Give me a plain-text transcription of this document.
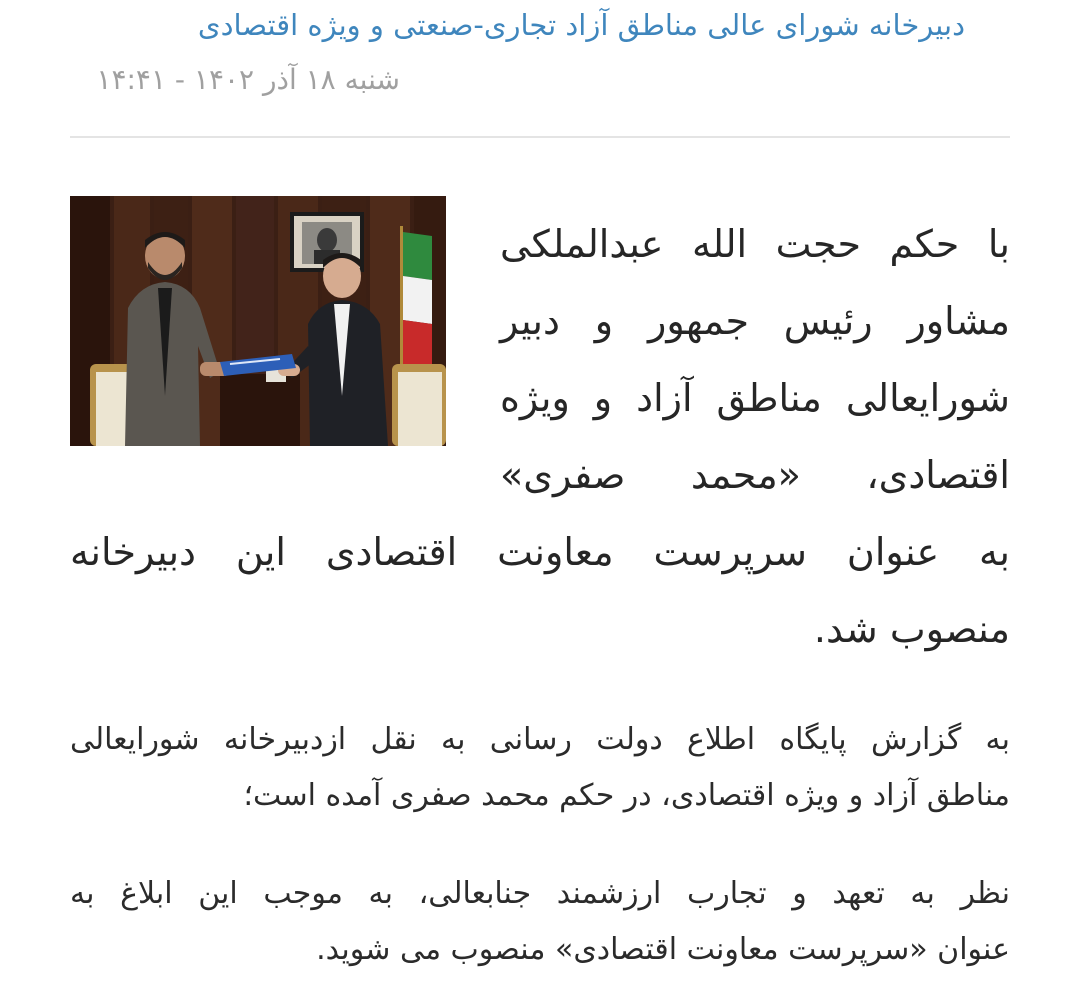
دبیرخانه شورای عالی مناطق آزاد تجاری-صنعتی و ویژه اقتصادی
شنبه ۱۸ آذر ۱۴۰۲ - ۱۴:۴۱

با حکم حجت الله عبدالملکی
مشاور رئیس جمهور و دبیر
شورایعالی مناطق آزاد و ویژه
اقتصادی، «محمد صفری»
به عنوان سرپرست معاونت اقتصادی این دبیرخانه
منصوب شد.

به گزارش پایگاه اطلاع دولت رسانی به نقل ازدبیرخانه شورایعالی
مناطق آزاد و ویژه اقتصادی، در حکم محمد صفری آمده است؛

نظر به تعهد و تجارب ارزشمند جنابعالی، به موجب این ابلاغ به
عنوان «سرپرست معاونت اقتصادی» منصوب می شوید.
